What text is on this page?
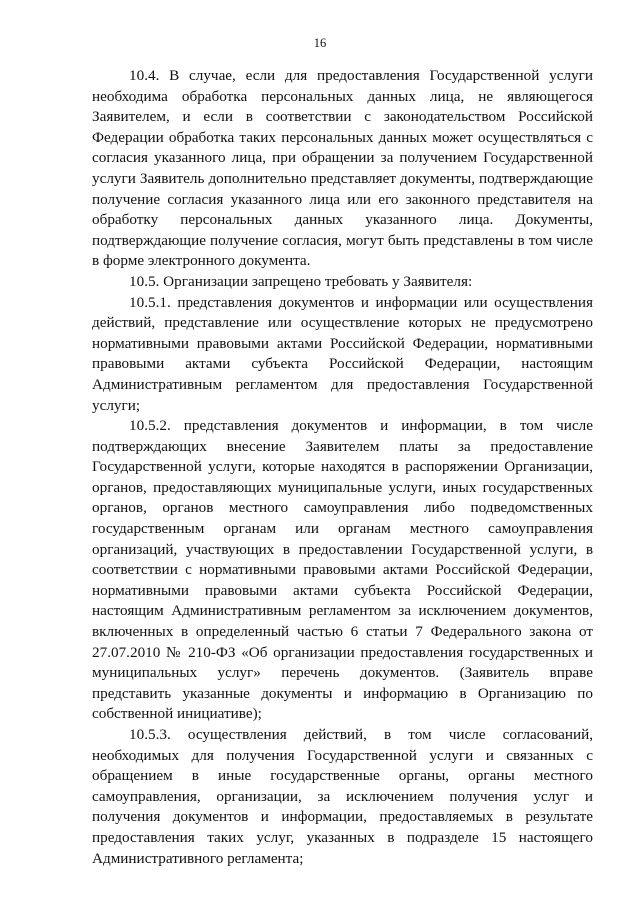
16

10.4. В случае, если для предоставления Государственной услуги необходима обработка персональных данных лица, не являющегося Заявителем, и если в соответствии с законодательством Российской Федерации обработка таких персональных данных может осуществляться с согласия указанного лица, при обращении за получением Государственной услуги Заявитель дополнительно представляет документы, подтверждающие получение согласия указанного лица или его законного представителя на обработку персональных данных указанного лица. Документы, подтверждающие получение согласия, могут быть представлены в том числе в форме электронного документа.

10.5. Организации запрещено требовать у Заявителя:

10.5.1. представления документов и информации или осуществления действий, представление или осуществление которых не предусмотрено нормативными правовыми актами Российской Федерации, нормативными правовыми актами субъекта Российской Федерации, настоящим Административным регламентом для предоставления Государственной услуги;

10.5.2. представления документов и информации, в том числе подтверждающих внесение Заявителем платы за предоставление Государственной услуги, которые находятся в распоряжении Организации, органов, предоставляющих муниципальные услуги, иных государственных органов, органов местного самоуправления либо подведомственных государственным органам или органам местного самоуправления организаций, участвующих в предоставлении Государственной услуги, в соответствии с нормативными правовыми актами Российской Федерации, нормативными правовыми актами субъекта Российской Федерации, настоящим Административным регламентом за исключением документов, включенных в определенный частью 6 статьи 7 Федерального закона от 27.07.2010 № 210-ФЗ «Об организации предоставления государственных и муниципальных услуг» перечень документов. (Заявитель вправе представить указанные документы и информацию в Организацию по собственной инициативе);

10.5.3. осуществления действий, в том числе согласований, необходимых для получения Государственной услуги и связанных с обращением в иные государственные органы, органы местного самоуправления, организации, за исключением получения услуг и получения документов и информации, предоставляемых в результате предоставления таких услуг, указанных в подразделе 15 настоящего Административного регламента;
